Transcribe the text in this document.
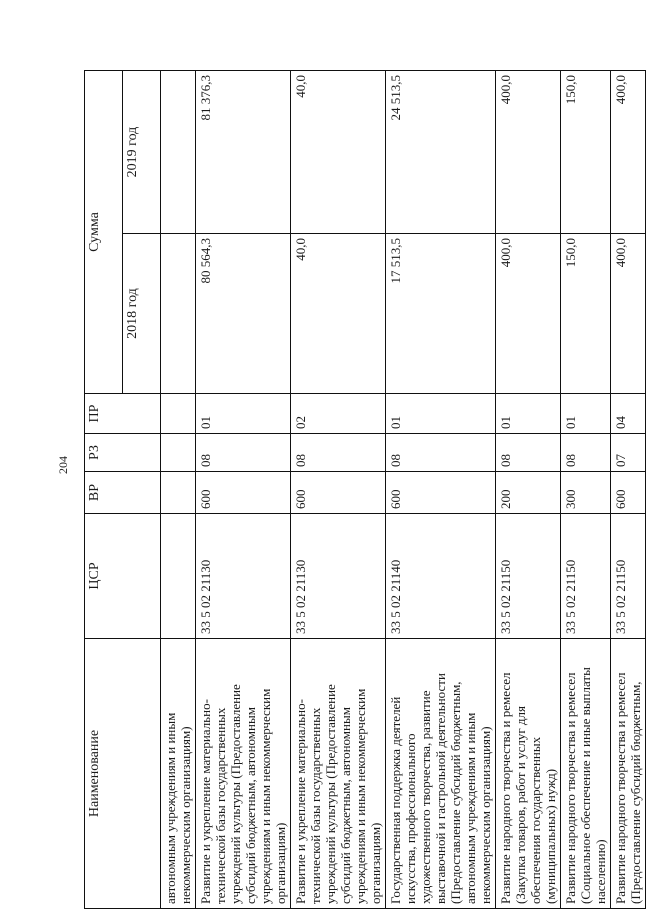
204
Наименование	ЦСР	ВР	РЗ	ПР	Сумма	
					2018 год	2019 год
автономным учреждениям и иным некоммерческим организациям)						
Развитие и укрепление материально-технической базы государственных учреждений культуры (Предоставление субсидий бюджетным, автономным учреждениям и иным некоммерческим организациям)	33 5 02 21130	600	08	01	80 564,3	81 376,3
Развитие и укрепление материально-технической базы государственных учреждений культуры (Предоставление субсидий бюджетным, автономным учреждениям и иным некоммерческим организациям)	33 5 02 21130	600	08	02	40,0	40,0
Государственная поддержка деятелей искусства, профессионального художественного творчества, развитие выставочной и гастрольной деятельности (Предоставление субсидий бюджетным, автономным учреждениям и иным некоммерческим организациям)	33 5 02 21140	600	08	01	17 513,5	24 513,5
Развитие народного творчества и ремесел (Закупка товаров, работ и услуг для обеспечения государственных (муниципальных) нужд)	33 5 02 21150	200	08	01	400,0	400,0
Развитие народного творчества и ремесел (Социальное обеспечение и иные выплаты населению)	33 5 02 21150	300	08	01	150,0	150,0
Развитие народного творчества и ремесел (Предоставление субсидий бюджетным,	33 5 02 21150	600	07	04	400,0	400,0
